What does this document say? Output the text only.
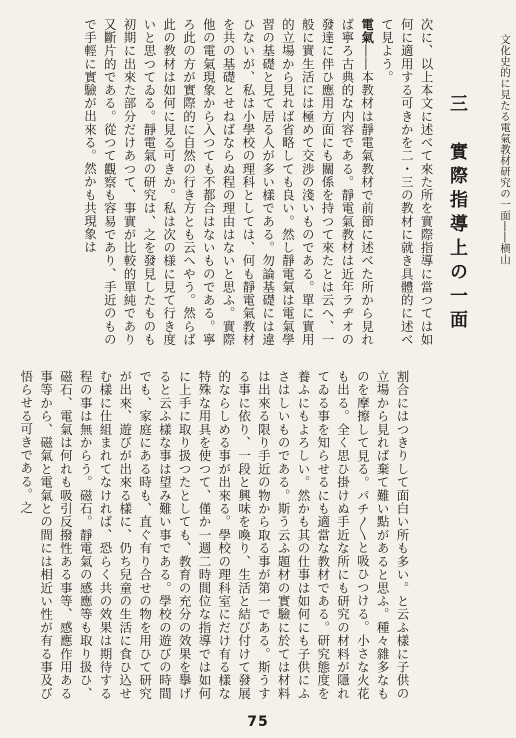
文化史的に見たる電氣教材研究の一面――横山
三　實際指導上の一面
次に、以上本文に述べて來た所を實際指導に當つては如何に適用する可きかを二・三の教材に就き具體的に述べて見よう。
電氣――本教材は靜電氣教材で前節に述べた所から見れば寧ろ古典的な内容である。靜電氣教材は近年ラヂオの發達に伴ひ應用方面にも關係を持つて來たとは云へ、一般に實生活には極めて交渉の淺いものである。單に實用的立場から見れば省略しても良い。然し靜電氣は電氣學習の基礎と見て居る人が多い樣である。勿論基礎には違ひないが、私は小學校の理科としては、何も靜電氣教材を共の基礎とせねばならぬ程の理由はないと思ふ。實際他の電氣現象から入つても不都合はないものである。寧ろ此の方が實際的に自然の行き方とも云へやう。然らば此の教材は如何に見る可きか。私は次の様に見て行き度いと思つてゐる。靜電氣の研究は、之を發見したものも初期に出來た部分だけあつて、事實が比較的單純であり又斷片的である。從つて觀察も容易であり、手近のもので手輕に實驗が出來る。然かも共現象は
割合にはつきりして面白い所も多い。と云ふ樣に子供の立場から見れば棄て難い點があると思ふ。種々雜多なものを摩擦して見る。パチ〳〵と吸ひつける。小さな火花も出る。全く思ひ掛けぬ手近な所にも研究の材料が隱れてゐる事を知らせるにも適當な教材である。研究態度を養ふにもよろしい。然かも其の仕事は如何にも子供にふさはしいものである。斯う云ふ題材の實驗に於ては材料は出來る限り手近の物から取る事が第一である。斯うする事に依り、一段と興味を喚り、生活と結び付けて發展的ならしめる事が出來る。學校の理科室にだけ有る樣な特殊な用具を使つて、僅か一週二時間位な指導では如何に上手に取り扱つたとしても、教育の充分の效果を擧げると云ふ樣な事は望み難い事である。學校の遊びの時間でも、家庭にある時も、直ぐ有り合せの物を用ひて研究が出來、遊びが出來る樣に、仍ち兒童の生活に食ひ込せむ樣に仕組まれてなければ、恐らく共の效果は期待する程の事は無からう。磁石。靜電氣の感應等も取り扱ひ、磁石、電氣は何れも吸引反撥性ある事等、感應作用ある事等から、磁氣と電氣との間には相近い性が有る事及び悟らせる可きである。之
75
